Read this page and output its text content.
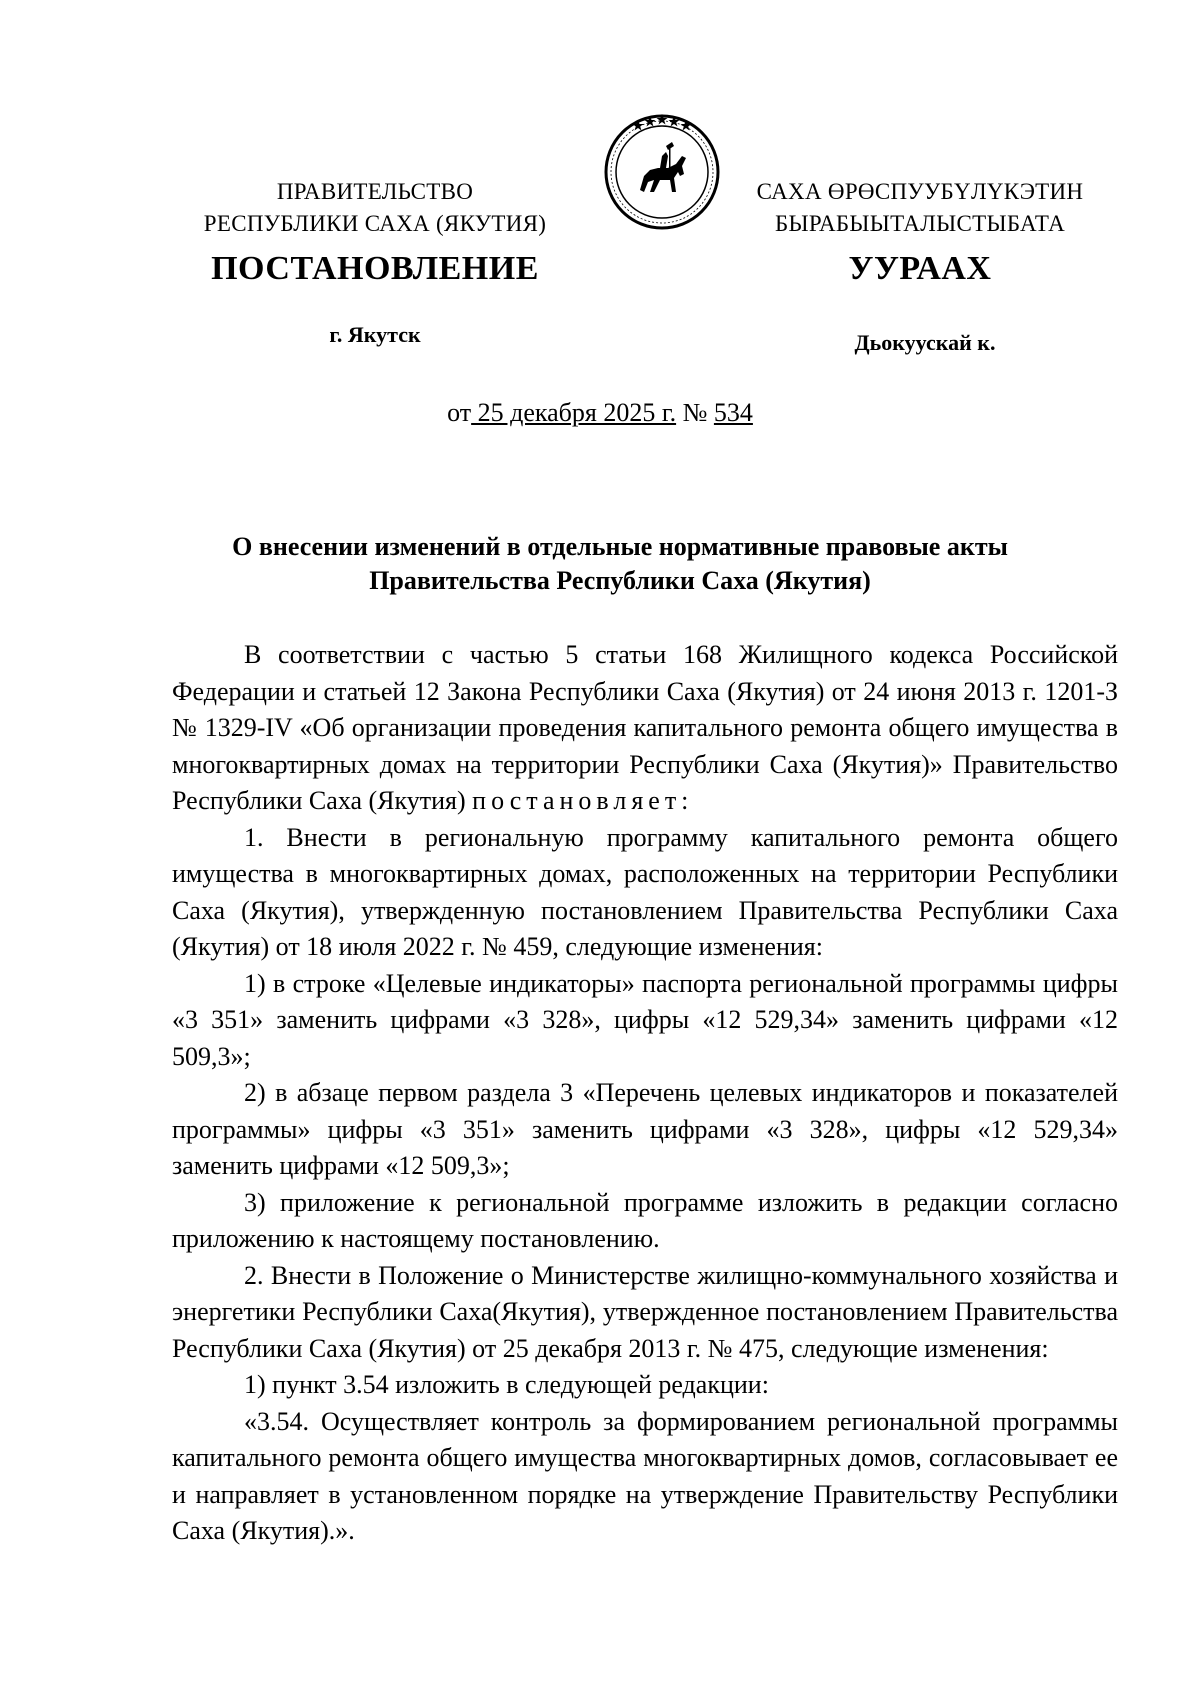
ПРАВИТЕЛЬСТВО
РЕСПУБЛИКИ САХА (ЯКУТИЯ)
САХА ӨРӨСПУУБҮЛҮКЭТИН
БЫРАБЫЫТАЛЫСТЫБАТА
ПОСТАНОВЛЕНИЕ	УУРААХ
г. Якутск	Дьокуускай к.
от 25 декабря 2025 г. № 534
О внесении изменений в отдельные нормативные правовые акты
Правительства Республики Саха (Якутия)

В соответствии с частью 5 статьи 168 Жилищного кодекса Российской Федерации и статьей 12 Закона Республики Саха (Якутия) от 24 июня 2013 г. 1201-З № 1329-IV «Об организации проведения капитального ремонта общего имущества в многоквартирных домах на территории Республики Саха (Якутия)» Правительство Республики Саха (Якутия) постановляет:

1. Внести в региональную программу капитального ремонта общего имущества в многоквартирных домах, расположенных на территории Республики Саха (Якутия), утвержденную постановлением Правительства Республики Саха (Якутия) от 18 июля 2022 г. № 459, следующие изменения:

1) в строке «Целевые индикаторы» паспорта региональной программы цифры «3 351» заменить цифрами «3 328», цифры «12 529,34» заменить цифрами «12 509,3»;

2) в абзаце первом раздела 3 «Перечень целевых индикаторов и показателей программы» цифры «3 351» заменить цифрами «3 328», цифры «12 529,34» заменить цифрами «12 509,3»;

3) приложение к региональной программе изложить в редакции согласно приложению к настоящему постановлению.

2. Внести в Положение о Министерстве жилищно-коммунального хозяйства и энергетики Республики Саха(Якутия), утвержденное постановлением Правительства Республики Саха (Якутия) от 25 декабря 2013 г. № 475, следующие изменения:

1) пункт 3.54 изложить в следующей редакции:

«3.54. Осуществляет контроль за формированием региональной программы капитального ремонта общего имущества многоквартирных домов, согласовывает ее и направляет в установленном порядке на утверждение Правительству Республики Саха (Якутия).».
